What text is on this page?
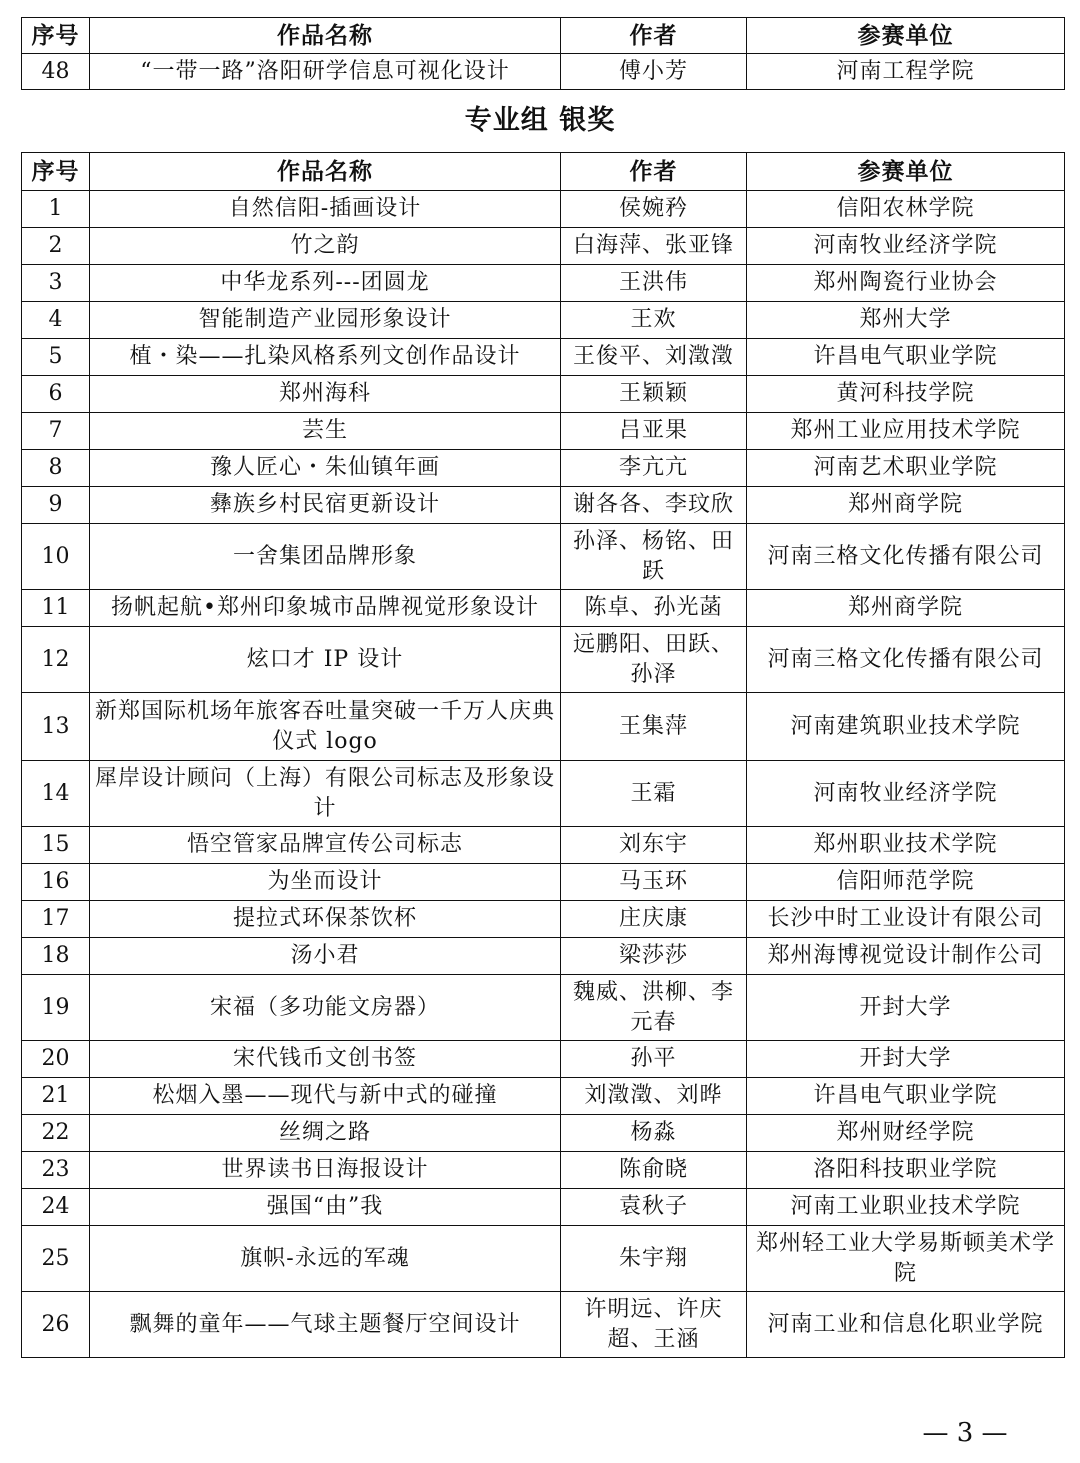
序号	作品名称	作者	参赛单位
48	“一带一路”洛阳研学信息可视化设计	傅小芳	河南工程学院
专业组 银奖
序号	作品名称	作者	参赛单位
1	自然信阳-插画设计	侯婉矜	信阳农林学院
2	竹之韵	白海萍、张亚锋	河南牧业经济学院
3	中华龙系列---团圆龙	王洪伟	郑州陶瓷行业协会
4	智能制造产业园形象设计	王欢	郑州大学
5	植・染——扎染风格系列文创作品设计	王俊平、刘澂澂	许昌电气职业学院
6	郑州海科	王颖颖	黄河科技学院
7	芸生	吕亚果	郑州工业应用技术学院
8	豫人匠心・朱仙镇年画	李亢亢	河南艺术职业学院
9	彝族乡村民宿更新设计	谢各各、李玟欣	郑州商学院
10	一舍集团品牌形象	孙泽、杨铭、田跃	河南三格文化传播有限公司
11	扬帆起航•郑州印象城市品牌视觉形象设计	陈卓、孙光菡	郑州商学院
12	炫口才 IP 设计	远鹏阳、田跃、孙泽	河南三格文化传播有限公司
13	新郑国际机场年旅客吞吐量突破一千万人庆典仪式 logo	王集萍	河南建筑职业技术学院
14	犀岸设计顾问（上海）有限公司标志及形象设计	王霜	河南牧业经济学院
15	悟空管家品牌宣传公司标志	刘东宇	郑州职业技术学院
16	为坐而设计	马玉环	信阳师范学院
17	提拉式环保茶饮杯	庄庆康	长沙中时工业设计有限公司
18	汤小君	梁莎莎	郑州海博视觉设计制作公司
19	宋福（多功能文房器）	魏威、洪柳、李元春	开封大学
20	宋代钱币文创书签	孙平	开封大学
21	松烟入墨——现代与新中式的碰撞	刘澂澂、刘晔	许昌电气职业学院
22	丝绸之路	杨淼	郑州财经学院
23	世界读书日海报设计	陈俞晓	洛阳科技职业学院
24	强国“由”我	袁秋子	河南工业职业技术学院
25	旗帜-永远的军魂	朱宇翔	郑州轻工业大学易斯顿美术学院
26	飘舞的童年——气球主题餐厅空间设计	许明远、许庆超、王涵	河南工业和信息化职业学院
— 3 —
